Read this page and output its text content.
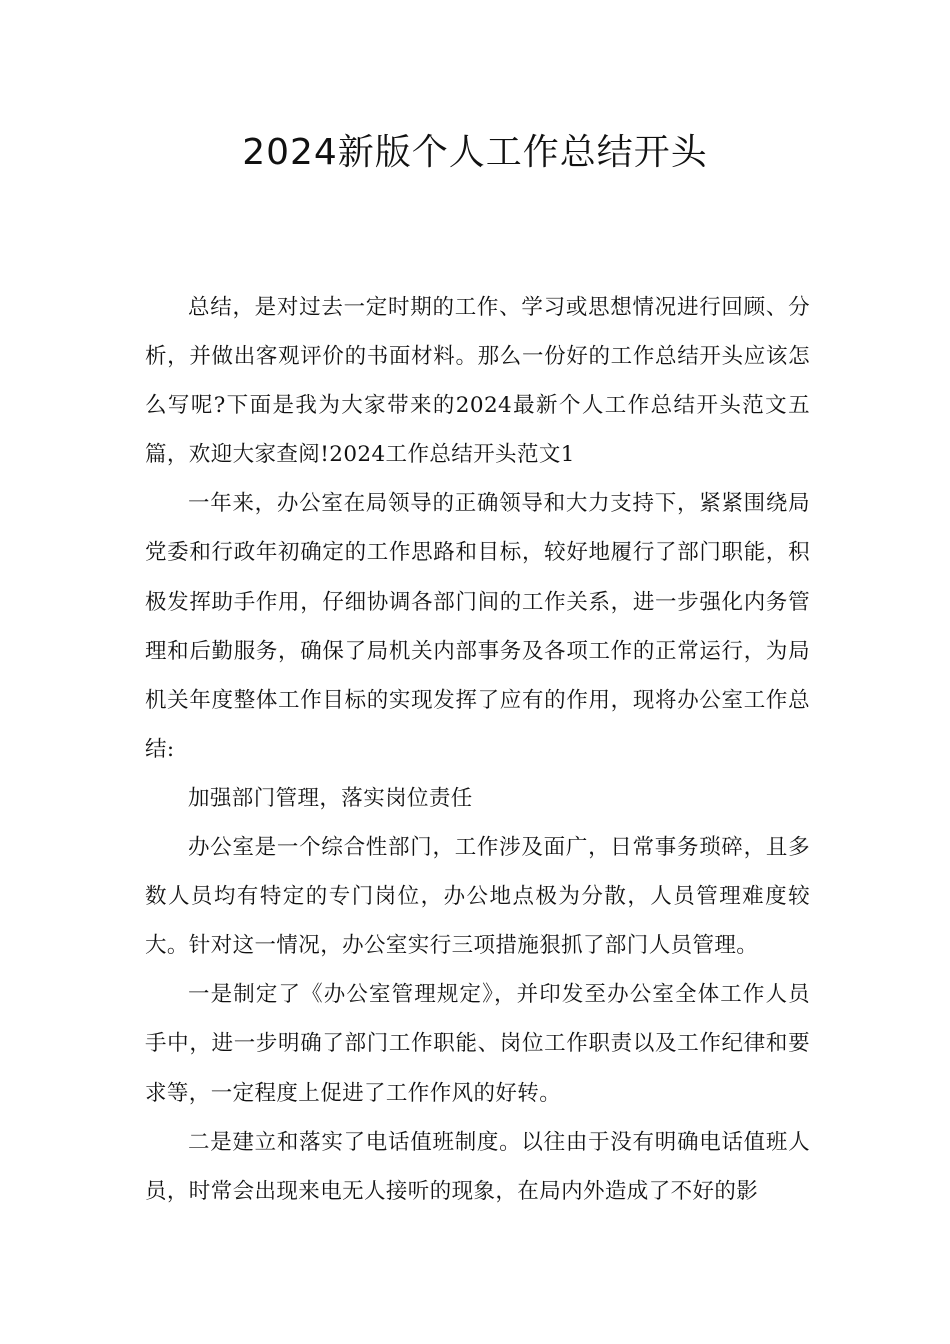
2024新版个人工作总结开头

总结，是对过去一定时期的工作、学习或思想情况进行回顾、分析，并做出客观评价的书面材料。那么一份好的工作总结开头应该怎么写呢?下面是我为大家带来的2024最新个人工作总结开头范文五篇，欢迎大家查阅!2024工作总结开头范文1

一年来，办公室在局领导的正确领导和大力支持下，紧紧围绕局党委和行政年初确定的工作思路和目标，较好地履行了部门职能，积极发挥助手作用，仔细协调各部门间的工作关系，进一步强化内务管理和后勤服务，确保了局机关内部事务及各项工作的正常运行，为局机关年度整体工作目标的实现发挥了应有的作用，现将办公室工作总结:

加强部门管理，落实岗位责任

办公室是一个综合性部门，工作涉及面广，日常事务琐碎，且多数人员均有特定的专门岗位，办公地点极为分散，人员管理难度较大。针对这一情况，办公室实行三项措施狠抓了部门人员管理。

一是制定了《办公室管理规定》，并印发至办公室全体工作人员手中，进一步明确了部门工作职能、岗位工作职责以及工作纪律和要求等，一定程度上促进了工作作风的好转。

二是建立和落实了电话值班制度。以往由于没有明确电话值班人员，时常会出现来电无人接听的现象，在局内外造成了不好的影
